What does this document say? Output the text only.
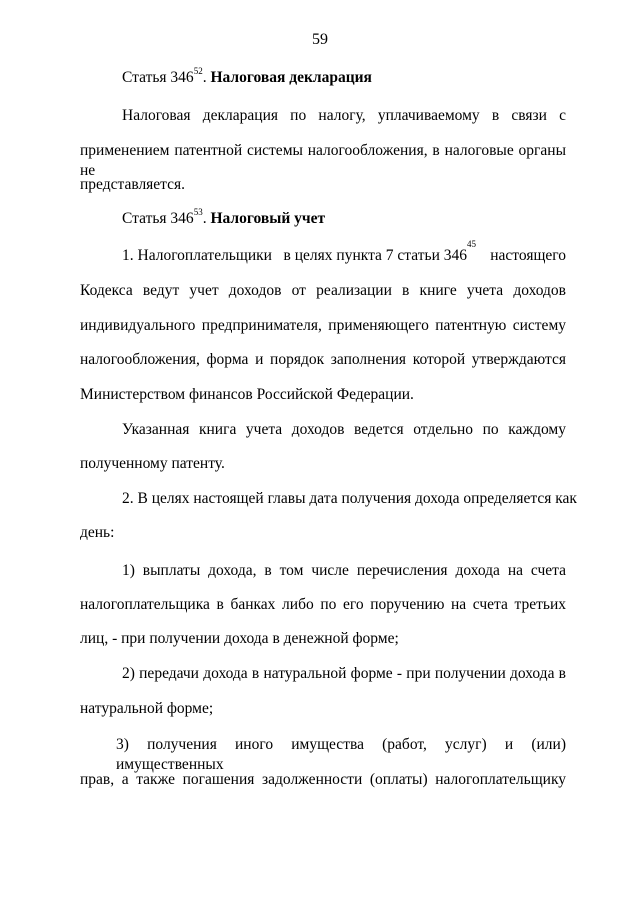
59
Статья $346^{52}$. Налоговая декларация
Налоговая декларация по налогу, уплачиваемому в связи с
применением патентной системы налогообложения, в налоговые органы не
представляется.
Статья $346^{53}$. Налоговый учет
1. Налогоплательщики   в целях пункта 7 статьи 346
$^{45}$
настоящего
Кодекса ведут учет доходов от реализации в книге учета доходов
индивидуального предпринимателя, применяющего патентную систему
налогообложения, форма и порядок заполнения которой утверждаются
Министерством финансов Российской Федерации.
Указанная книга учета доходов ведется отдельно по каждому
полученному патенту.
2. В целях настоящей главы дата получения дохода определяется как
день:
1) выплаты дохода, в том числе перечисления дохода на счета
налогоплательщика в банках либо по его поручению на счета третьих
лиц, - при получении дохода в денежной форме;
2) передачи дохода в натуральной форме - при получении дохода в
натуральной форме;
3) получения иного имущества (работ, услуг) и (или) имущественных
прав, а также погашения задолженности (оплаты) налогоплательщику
